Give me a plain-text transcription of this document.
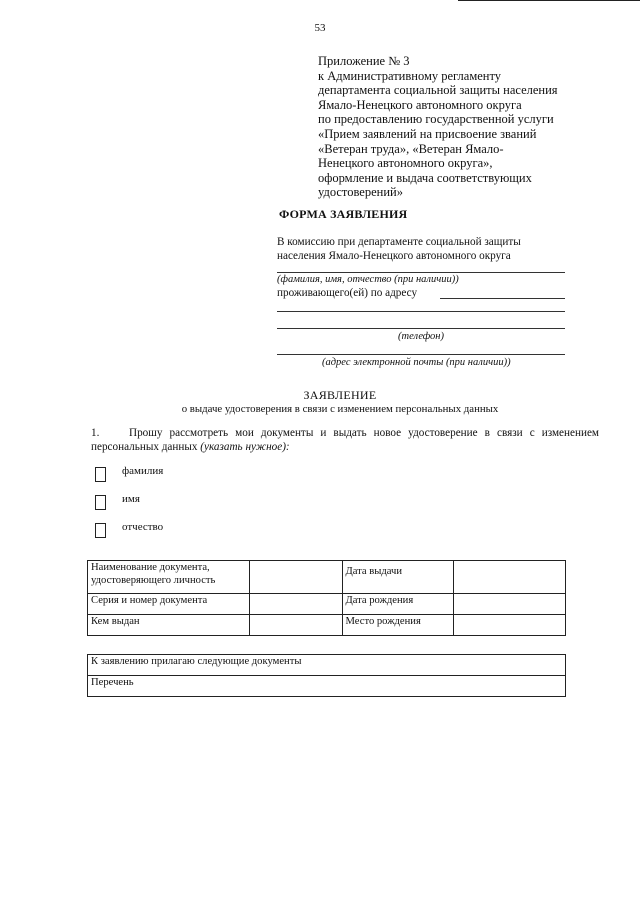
53
Приложение № 3
к Административному регламенту
департамента социальной защиты населения
Ямало-Ненецкого автономного округа
по предоставлению государственной услуги
«Прием заявлений на присвоение званий
«Ветеран труда», «Ветеран Ямало-
Ненецкого автономного округа»,
оформление и выдача соответствующих
удостоверений»
ФОРМА ЗАЯВЛЕНИЯ
В комиссию при департаменте социальной защиты
населения Ямало-Ненецкого автономного округа
(фамилия, имя, отчество (при наличии))
проживающего(ей) по адресу
(телефон)
(адрес электронной почты (при наличии))
ЗАЯВЛЕНИЕ
о выдаче удостоверения в связи с изменением персональных данных
1.	Прошу рассмотреть мои документы и выдать новое удостоверение в связи с изменением персональных данных (указать нужное):
фамилия
имя
отчество
Наименование документа, удостоверяющего личность		Дата выдачи	
Серия и номер документа		Дата рождения	
Кем выдан		Место рождения	
К заявлению прилагаю следующие документы
Перечень
